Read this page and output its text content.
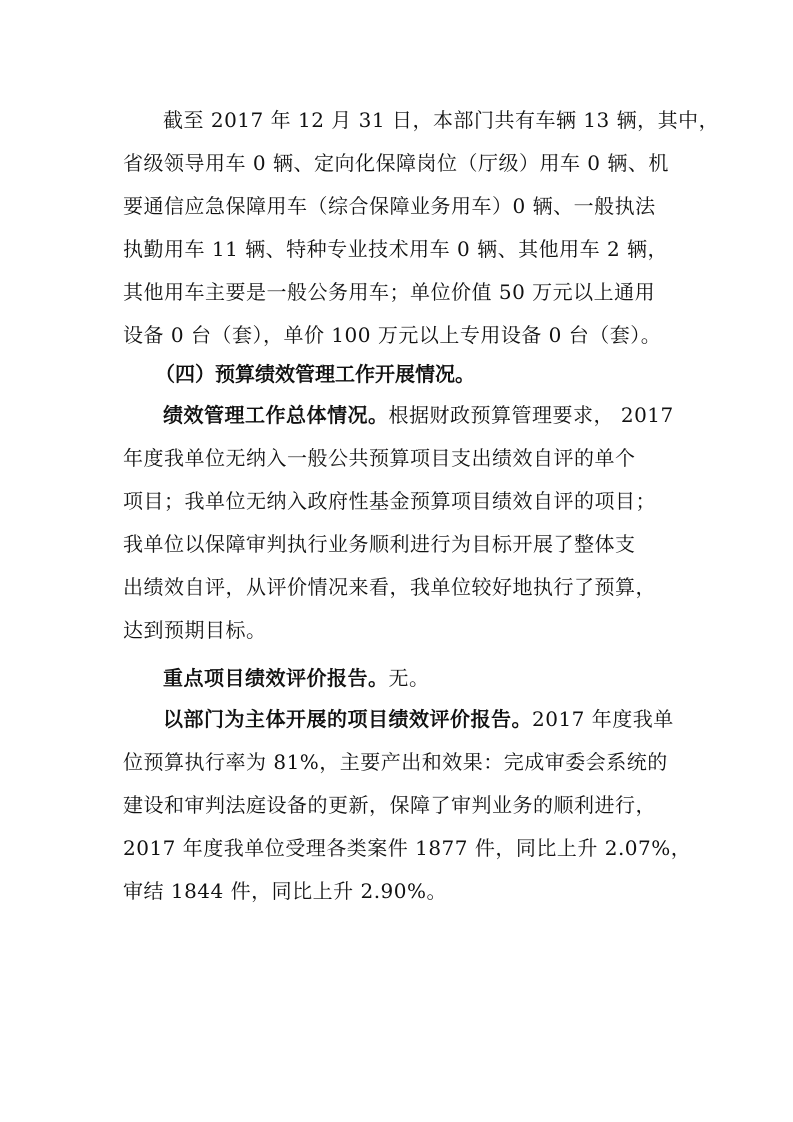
截至 2017 年 12 月 31 日，本部门共有车辆 13 辆，其中，
省级领导用车 0 辆、定向化保障岗位（厅级）用车 0 辆、机
要通信应急保障用车（综合保障业务用车）0 辆、一般执法
执勤用车 11 辆、特种专业技术用车 0 辆、其他用车 2 辆，
其他用车主要是一般公务用车；单位价值 50 万元以上通用
设备 0 台（套），单价 100 万元以上专用设备 0 台（套）。
（四）预算绩效管理工作开展情况。
绩效管理工作总体情况。根据财政预算管理要求， 2017
年度我单位无纳入一般公共预算项目支出绩效自评的单个
项目；我单位无纳入政府性基金预算项目绩效自评的项目；
我单位以保障审判执行业务顺利进行为目标开展了整体支
出绩效自评，从评价情况来看，我单位较好地执行了预算，
达到预期目标。
重点项目绩效评价报告。无。
以部门为主体开展的项目绩效评价报告。2017 年度我单
位预算执行率为 81%，主要产出和效果：完成审委会系统的
建设和审判法庭设备的更新，保障了审判业务的顺利进行，
2017 年度我单位受理各类案件 1877 件，同比上升 2.07%，
审结 1844 件，同比上升 2.90%。
